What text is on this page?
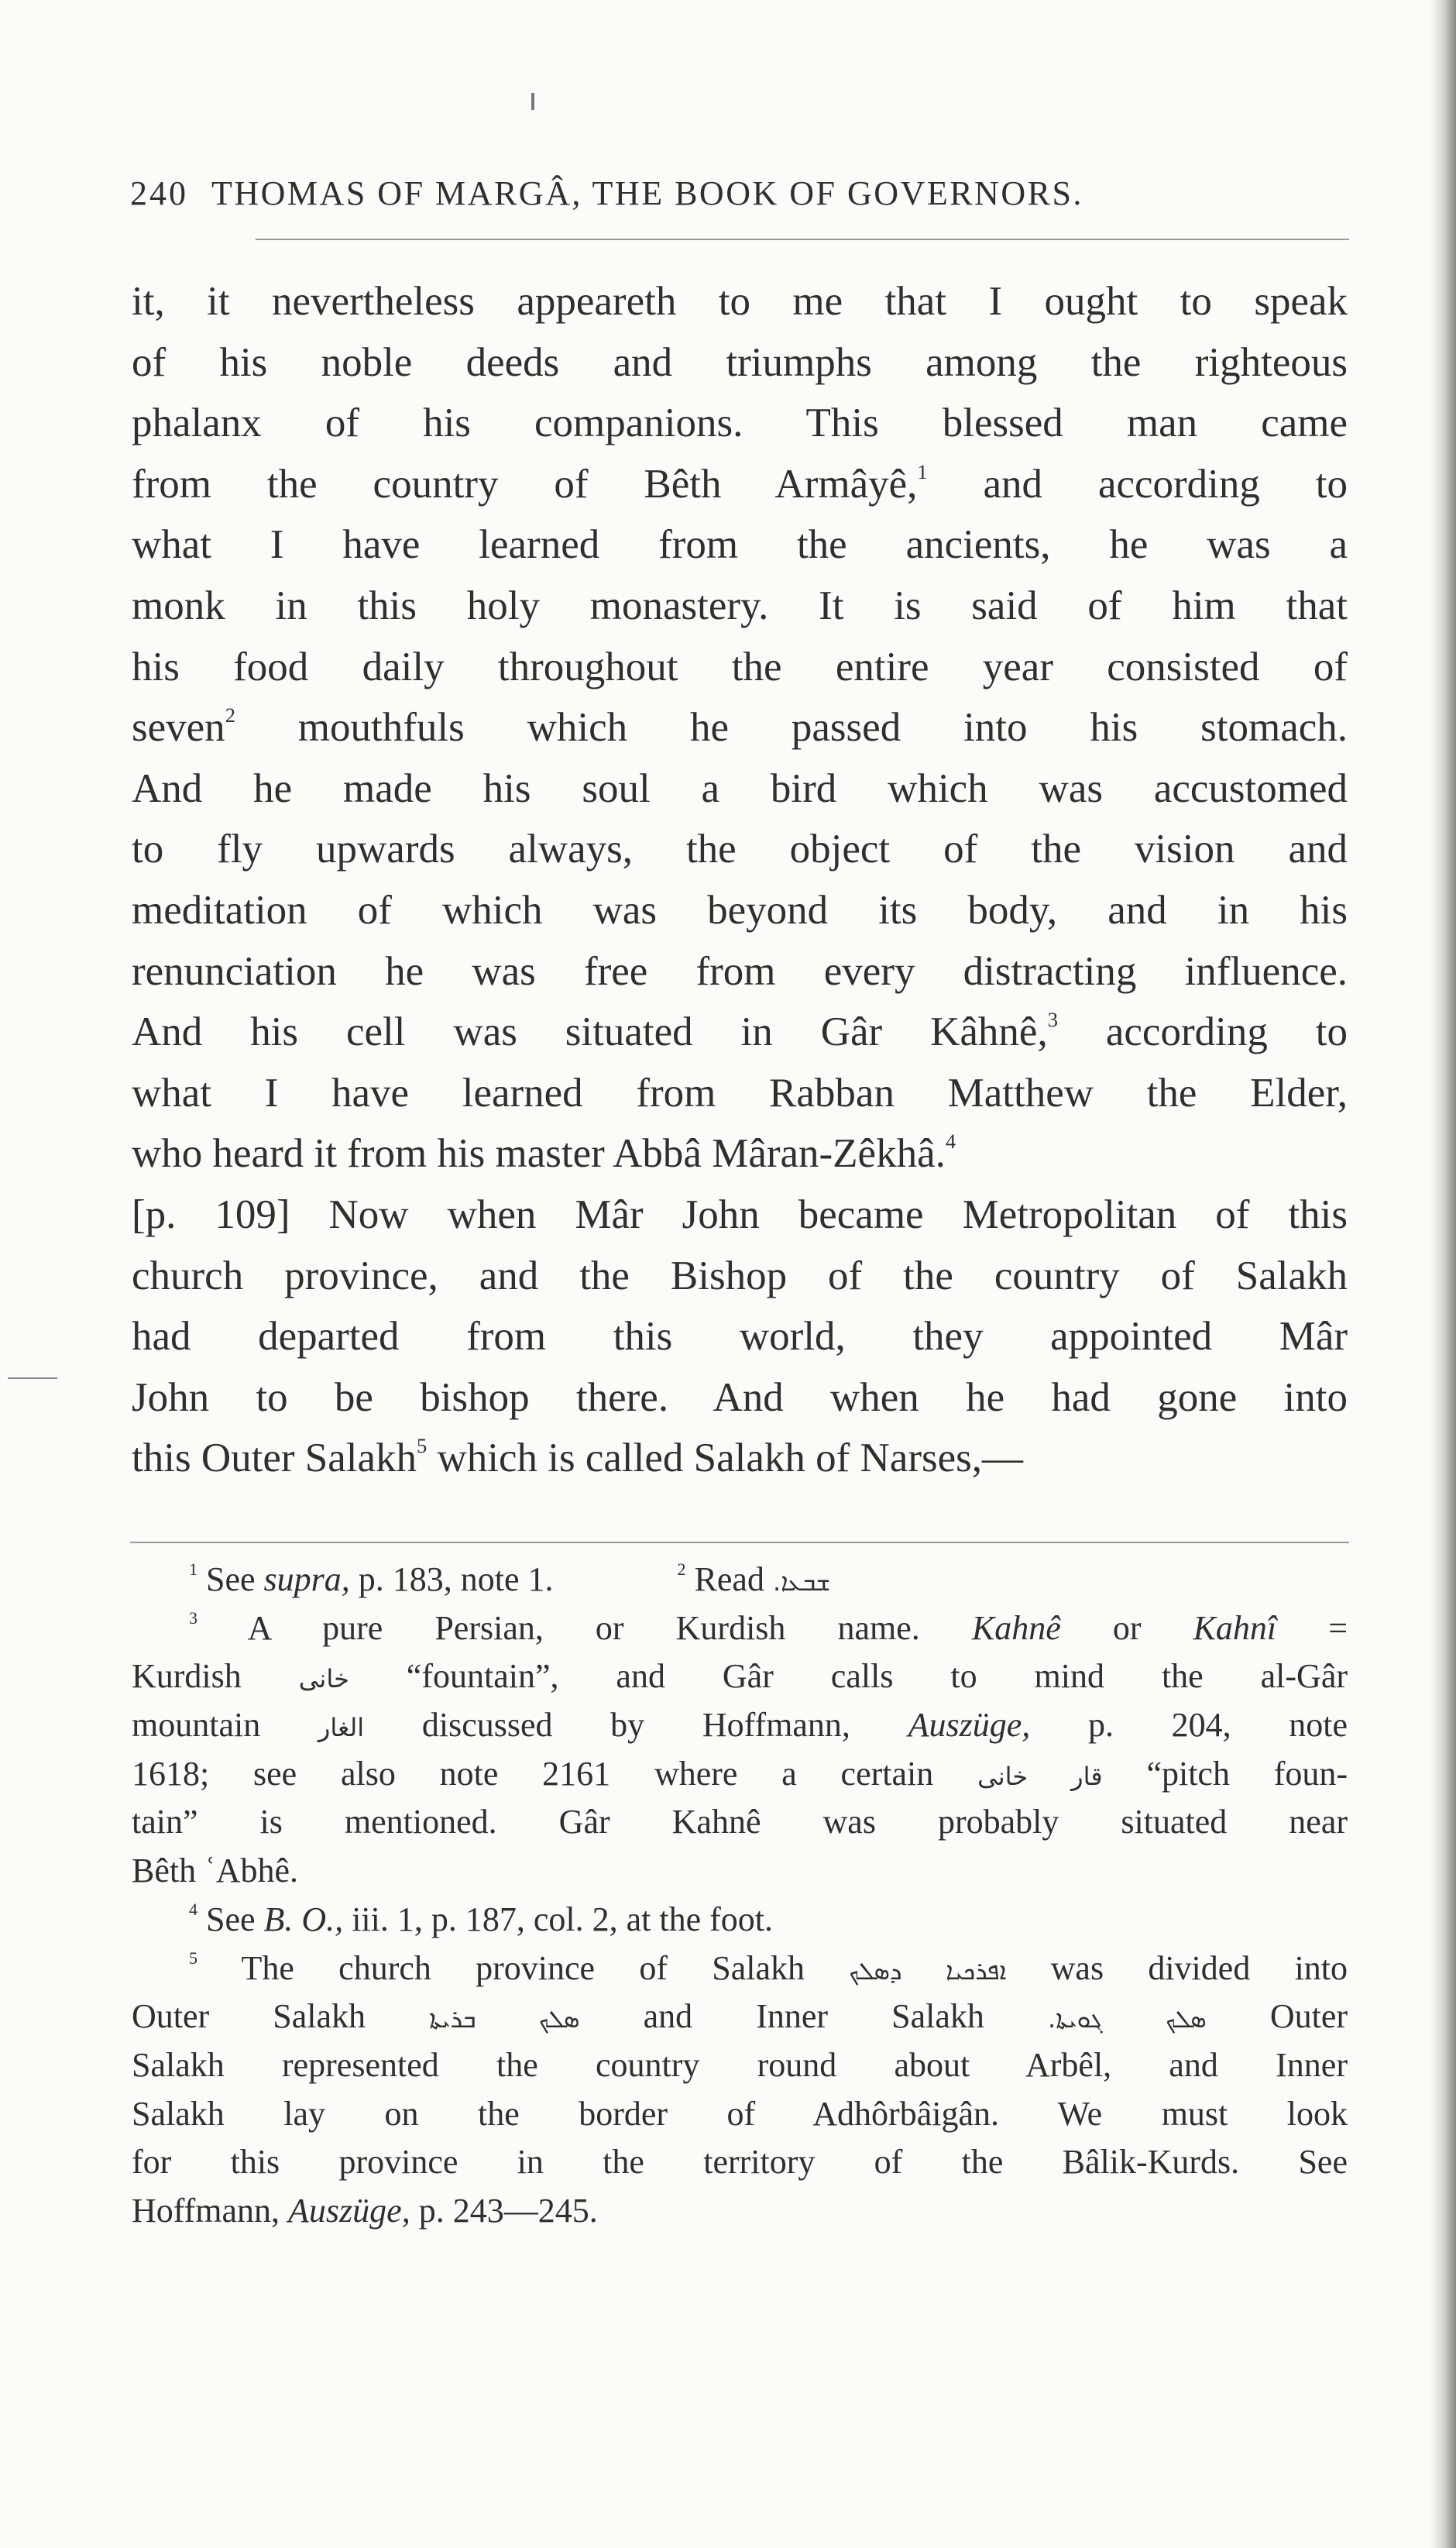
240 THOMAS OF MARGÂ, THE BOOK OF GOVERNORS.
it, it nevertheless appeareth to me that I ought to speak
of his noble deeds and triumphs among the righteous
phalanx of his companions. This blessed man came
from the country of Bêth Armâyê,$^1$ and according to
what I have learned from the ancients, he was a
monk in this holy monastery. It is said of him that
his food daily throughout the entire year consisted of
seven$^2$ mouthfuls which he passed into his stomach.
And he made his soul a bird which was accustomed
to fly upwards always, the object of the vision and
meditation of which was beyond its body, and in his
renunciation he was free from every distracting influence.
And his cell was situated in Gâr Kâhnê,$^3$ according to
what I have learned from Rabban Matthew the Elder,
who heard it from his master Abbâ Mâran-Zêkhâ.$^4$
[p. 109] Now when Mâr John became Metropolitan of this
church province, and the Bishop of the country of Salakh
had departed from this world, they appointed Mâr
John to be bishop there. And when he had gone into
this Outer Salakh$^5$ which is called Salakh of Narses,—
$^1$ See supra, p. 183, note 1.	$^2$ Read ܫܒܥܐ.
$^3$ A pure Persian, or Kurdish name. Kahnê or Kahnî =
Kurdish خانى “fountain”, and Gâr calls to mind the al-Gâr
mountain الغار discussed by Hoffmann, Auszüge, p. 204, note
1618; see also note 2161 where a certain قار خانى “pitch foun-
tain” is mentioned. Gâr Kahnê was probably situated near
Bêth ʿAbhê.
$^4$ See B. O., iii. 1, p. 187, col. 2, at the foot.
$^5$ The church province of Salakh ܐܦܪܟܝܐ ܕܣܠܟ was divided into
Outer Salakh	ܣܠܟ ܒܪܝܬܐ and Inner Salakh	ܣܠܟ ܓܘܝܬܐ. Outer
Salakh represented the country round about Arbêl, and Inner
Salakh lay on the border of Adhôrbâigân. We must look
for this province in the territory of the Bâlik-Kurds. See
Hoffmann, Auszüge, p. 243—245.
